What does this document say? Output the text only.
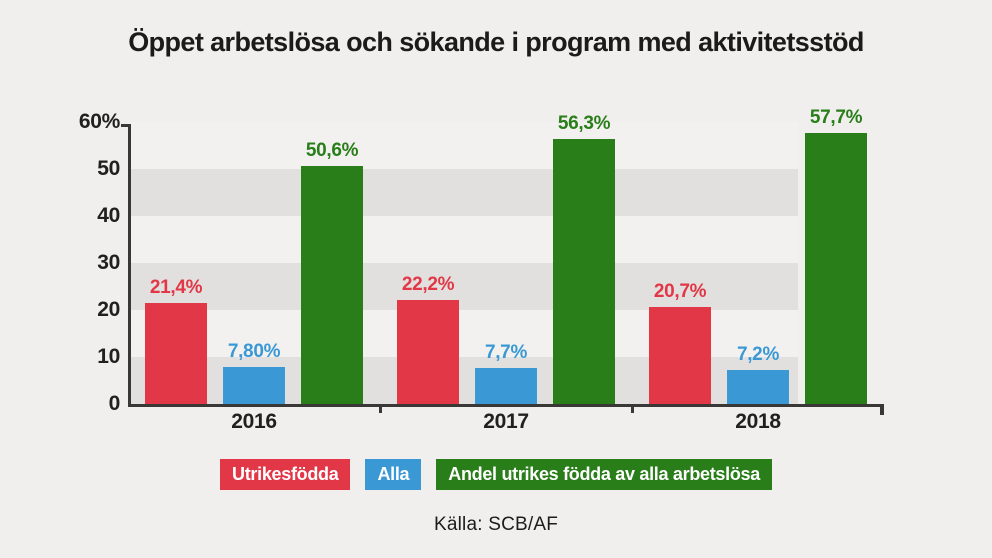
Öppet arbetslösa och sökande i program med aktivitetsstöd
0
10
20
30
40
50
60%
21,4%
7,80%
50,6%
22,2%
7,7%
56,3%
20,7%
7,2%
57,7%
2016	2017	2018
Utrikesfödda	Alla	Andel utrikes födda av alla arbetslösa
Källa: SCB/AF
